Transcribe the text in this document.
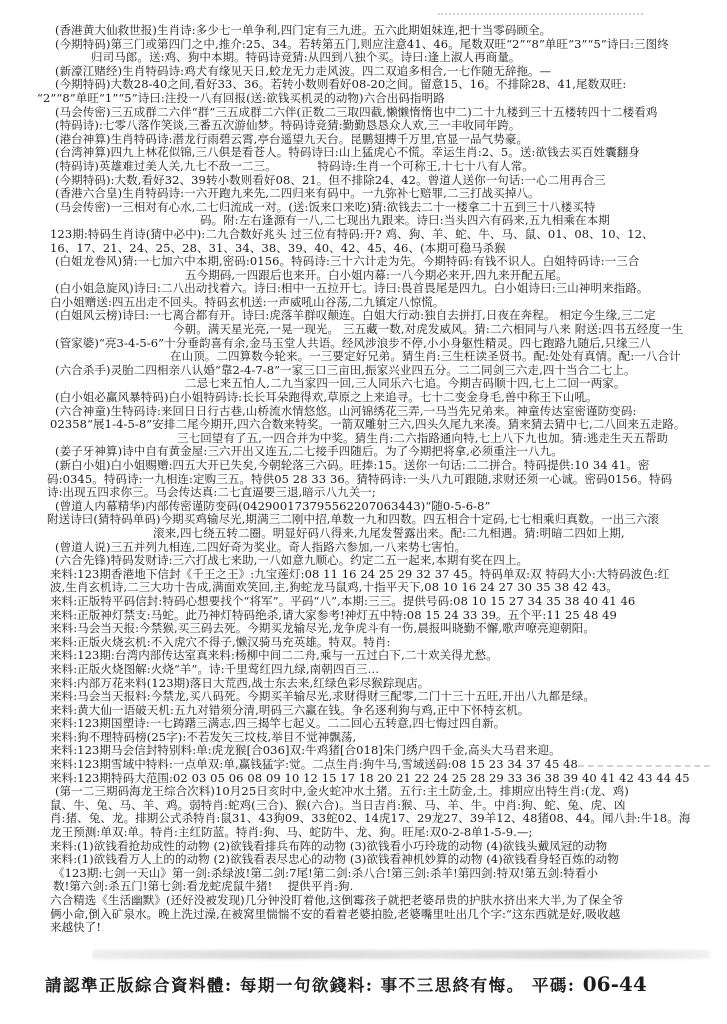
(香港黄大仙救世报)生肖诗:多少七一单争利,四门定有三九进。五六此期姐妹连,把十当零码顾全。
(今期特码)第三门或第四门之中,推介:25、34。若转第五门,则应注意41、46。尾数双旺“2”“8”单旺“3”“5”诗曰:三图终
归司马郎。送:鸡、狗中本期。特码诗竞猜:从四到八独个买。诗曰:逢上淑人再商量。
(新濠江赌经)生肖特码诗:鸡犬有缘见天日,蛟龙无力走风波。四二双追多相合,一七作随无辞拖。—
(今期特码)大数28-40之间,看好33、36。若转小数则看好08-20之间。留意15、16。不排除28、41,尾数双旺:
“2”“8”单旺“1”“5”诗曰:注投一八有回报(送:欲钱买机灵的动物)六合出码指明路
(马会传密)三五成群二六伴“群”三五成群二六伴(正数二三取四截,懒懒惰惰也中二)二十九楼到三十五楼转四十二楼看鸡
(特码诗):七零八落作笑谈,三番五次游仙梦。特码诗竞猜:勤勤恳恳众人欢,三一丰收同年跨。
(港台神算)生肖特码诗:潜龙行雨碧云霄,亭台遥望九天台。昆鹏翅摶千万里,官显一品气势豪。
(台湾神算)四九上林花似锦,三八俱是看苍人。特码诗曰:山上猛虎心不慌。幸运生肖:2、5。送:欲钱去买百姓囊翻身
(特码诗)英雄难过美人关,九七不敌一二三。　　　　特码诗:生肖一个可称王,十七十八有人常。
(今期特码):大数,看好32、39转小数则看好08、21。但不排除24、42。曾道人送你一句话:一心二用再合三
(香港六合皇)生肖特码诗:一六开跑九来先,二四归来有码中。一九弥补七赔罪,二三打战买掉八。
(马会传密)一三相对有心水,二七归流成一对。(送:饭来口来吃)猜:欲钱去二十一楼拿二十五到三十八楼买特
码。附:左右逢源有一八,二七现出九跟来。诗曰:当头四六有码来,五九相乘在本期
123期:特码生肖诗(猜中必中):二九合数好兆头 过三位有特码:开? 鸡、狗、羊、蛇、牛、马、鼠、01、08、10、12、
16、17、21、24、25、28、31、34、38、39、40、42、45、46、(本期可稳马杀猴
(白姐龙卷风)猜:一七加六中本期,密码:0156。特码诗:三十六计走为先。今期特码:有钱不识人。白姐特码诗:一三合
五今期码,一四跟后也来开。白小姐内幕:一八今期必来开,四九来开配五尾。
(白小姐急旋风)诗曰:二八出动找着六。诗曰:相中一五拉开七。诗曰:畏首畏尾是四九。白小姐诗曰:三山神明来指路。
白小姐赠送:四五出走不回头。特码玄机送:一声威吼山谷荡,二九镇定八惊慌。
(白姐风云榜)诗曰:一七离合都有开。诗曰:虎落羊群叹颠连。白姐大行动:独自去拼打,日夜在奔程。 相定今生缘,三二定
今朝。满天星光亮,一晃一现光。 三五藏一数,对虎发威风。猜:二六相同与八来 附送:四书五经度一生
(管家婆)“亮3-4-5-6”十分垂韵喜有余,金马玉堂人共语。经风涉浪步不停,小小身躯性精灵。四七跑路九随后,只缘三八
在山顶。二四算数今轮来。一三要定好兄弟。猜生肖:三生枉读圣贤书。配:处处有真情。配:一八合计
(六合杀手)灵胎二四相亲八认婚“靠2-4-7-8”一家三口三亩田,振家兴业四五分。二二同剑三六走,四十当合二七上。
二忌七来五怕人,二九当家四一回,三人同乐六七追。今期吉码顺十四,七上二回一两家。
(白小姐必赢风暴特码)白小姐特码诗:长长耳朵跑得欢,草原之上来追寻。七十二变金身毛,兽中称王下山吼。
(六合神童)生特码诗:来回日日行古巷,山桥流水情悠悠。山河锦绣花三弄,一马当先兄弟来。神童传达室密谨防变码:
02358“展1-4-5-8”安排二尾今期开,四六合数来特奖。一箭双雕射三六,四头久尾九来凑。猜来猜去猜中七,二八回来五走路。
三七回望有了五,一四合并为中奖。猜生肖:二六指路通向特,七上八下九也加。猜:逃走生天五帮助
(姜子牙神算)诗中自有黄金屋:三六开出又连五,二七接手四随后。为了今期把将拿,必须重注一八九。
(新白小姐)白小姐赐赠:四五大开已失矣,今朝轮落三六码。旺捧:15。送你一句话:二二拼合。特码提供:10 34 41。密
码:0345。特码诗:一九相连:定购三五。特供05 28 33 36。猜特码诗:一头八九可跟随,求财还须一心诚。密码0156。特码
诗:出现五四求你三。马会传达真:二七直逼要三退,暗示八九关一;
(曾道人内幕精华)内部传密谨防变码(042900173795562207063443)“随0-5-6-8”
附送诗曰(猜特码单码)今期买鸡输尽光,期满三二刚中招,单数一九和四数。四五相合十定码,七七相乘归真数。一出三六滚
滚来,四七绕五转二圈。明显好码八得来,九尾发誓露出来。配:二九相遇。猜:明暗二四如上期,
(曾道人说)三五并列九相连,二四好奇为奖业。奇人指路六参加,一八来势七害怕。
(六合先锋)特码发财诗:三六打战七来助,一八如意九顺心。约定二五一起来,本期有奖在四上。
来料:123期香港地下信封《千王之王》:九宝莲灯:08 11 16 24 25 29 32 37 45。特码单双:双 特码大小:大特码波色:红
波,生肖玄机诗,二三大功十告成,满面欢笑回,主,狗蛇龙马鼠鸡,十指平天下,08 10 16 24 27 30 35 38 42 43。
来料:正版特平码信封:特码心想要找个“将军”。平码“八”,本期:三三。提供号码:08 10 15 27 34 35 38 40 41 46
来料:正版神灯禁支:马蛇。此乃神灯特码绝杀,请大家参考!神灯五中特:08 15 24 33 39。五个平:11 25 48 49
来料:马会当天报:今禁猴,买三码去死。今期买龙输尽光,龙争虎斗有一伤,晨报叫晓勤不懈,歌声嘹亮迎朝阳。
来料:正版火烧玄机:不入虎穴不得子,懒汉骑马充英雄。特双。特肖:
来料:123期:台湾内部传达室真来料:杨柳中间二二舟,乘与一五过白下,二十欢关得尤愁。
来料:正版火烧图解:火烧“羊”。诗:千里莺红四九绿,南朝四百三…
来料:内部万花来料(123期)落日大荒西,战士东去来,红绿色彩尽猴踪现店。
来料:马会当天报料:今禁龙,买八码死。今期买羊输尽光,求财得财三配零,二门十三十五旺,开出八九都是绿。
来料:黄大仙一语破天机:五九对错须分清,明码三六赢在钱。争名逐利狗与鸡,正中下怀特玄机。
来料:123期国塑诗:一七踌躇三满志,四三揭竿七起义。二二回心五转意,四七悔过四自新。
来料:狗不理特码榜(25字):不若发矢三坟枝,举目不觉神飘荡,
来料:123期马会信封特别料:单:虎龙猴[合036]双:牛鸡猪[合018]朱门绣户四千金,高头大马君来迎。
来料:123期雪域中特料:一点单双:单,赢钱猛字:觉。二点生肖:狗牛马,雪域送码:08 15 23 34 37 45 48
来料:123期特码大范围:02 03 05 06 08 09 10 12 15 17 18 20 21 22 24 25 28 29 33 36 38 39 40 41 42 43 44 45
(第一二三期码海龙王综合次料)10月25日亥时中,金火蛇冲水土猪。五行:主土防金,土。排期应出特生肖:(龙、鸡)
鼠、牛、兔、马、羊、鸡。弱特肖:蛇鸡(三合)、猴(六合)。当日吉肖:猴、马、羊、牛。中肖:狗、蛇、兔、虎、凶
肖:猪、兔、龙。排期公式杀特肖:鼠31、43狗09、33蛇02、14虎17、29龙27、39羊12、48猪08、44。闻八卦:牛18。海
龙王预测:单双:单。特肖:主红防蓝。特肖:狗、马、蛇防牛、龙、狗。旺尾:双0-2-8单1-5-9.—;
来料:(1)欲钱看抢劫成性的动物 (2)欲钱看排兵布阵的动物 (3)欲钱看小巧玲珑的动物 (4)欲钱头戴凤冠的动物
来料:(1)欲钱看万人上的的动物 (2)欲钱看表尽忠心的动物 (3)欲钱看神机妙算的动物 (4)欲钱看身轻百炼的动物
《123期:七剑一天山》第一剑:杀绿波!第二剑:7尾!第二剑:杀八合!第三剑:杀羊!第四剑:特双!第五剑:特看小
数!第六剑:杀五门!第七剑:看龙蛇虎鼠牛猪!　 提供平肖:狗.
六合精选《生活幽默》(还好没被发现)几分钟没盯着他,这倒霉孩子就把老婆昂贵的护肤水挤出来大半,为了保全爷
俩小命,倒入矿泉水。晚上洗过澡,在被窝里惴惴不安的看着老婆拍脸,老婆嘴里吐出几个字:“这东西就是好,吸收越
来越快了!
請認準正版綜合資料體: 每期一句欲錢料: 事不三思終有悔。 平碼: 06-44
